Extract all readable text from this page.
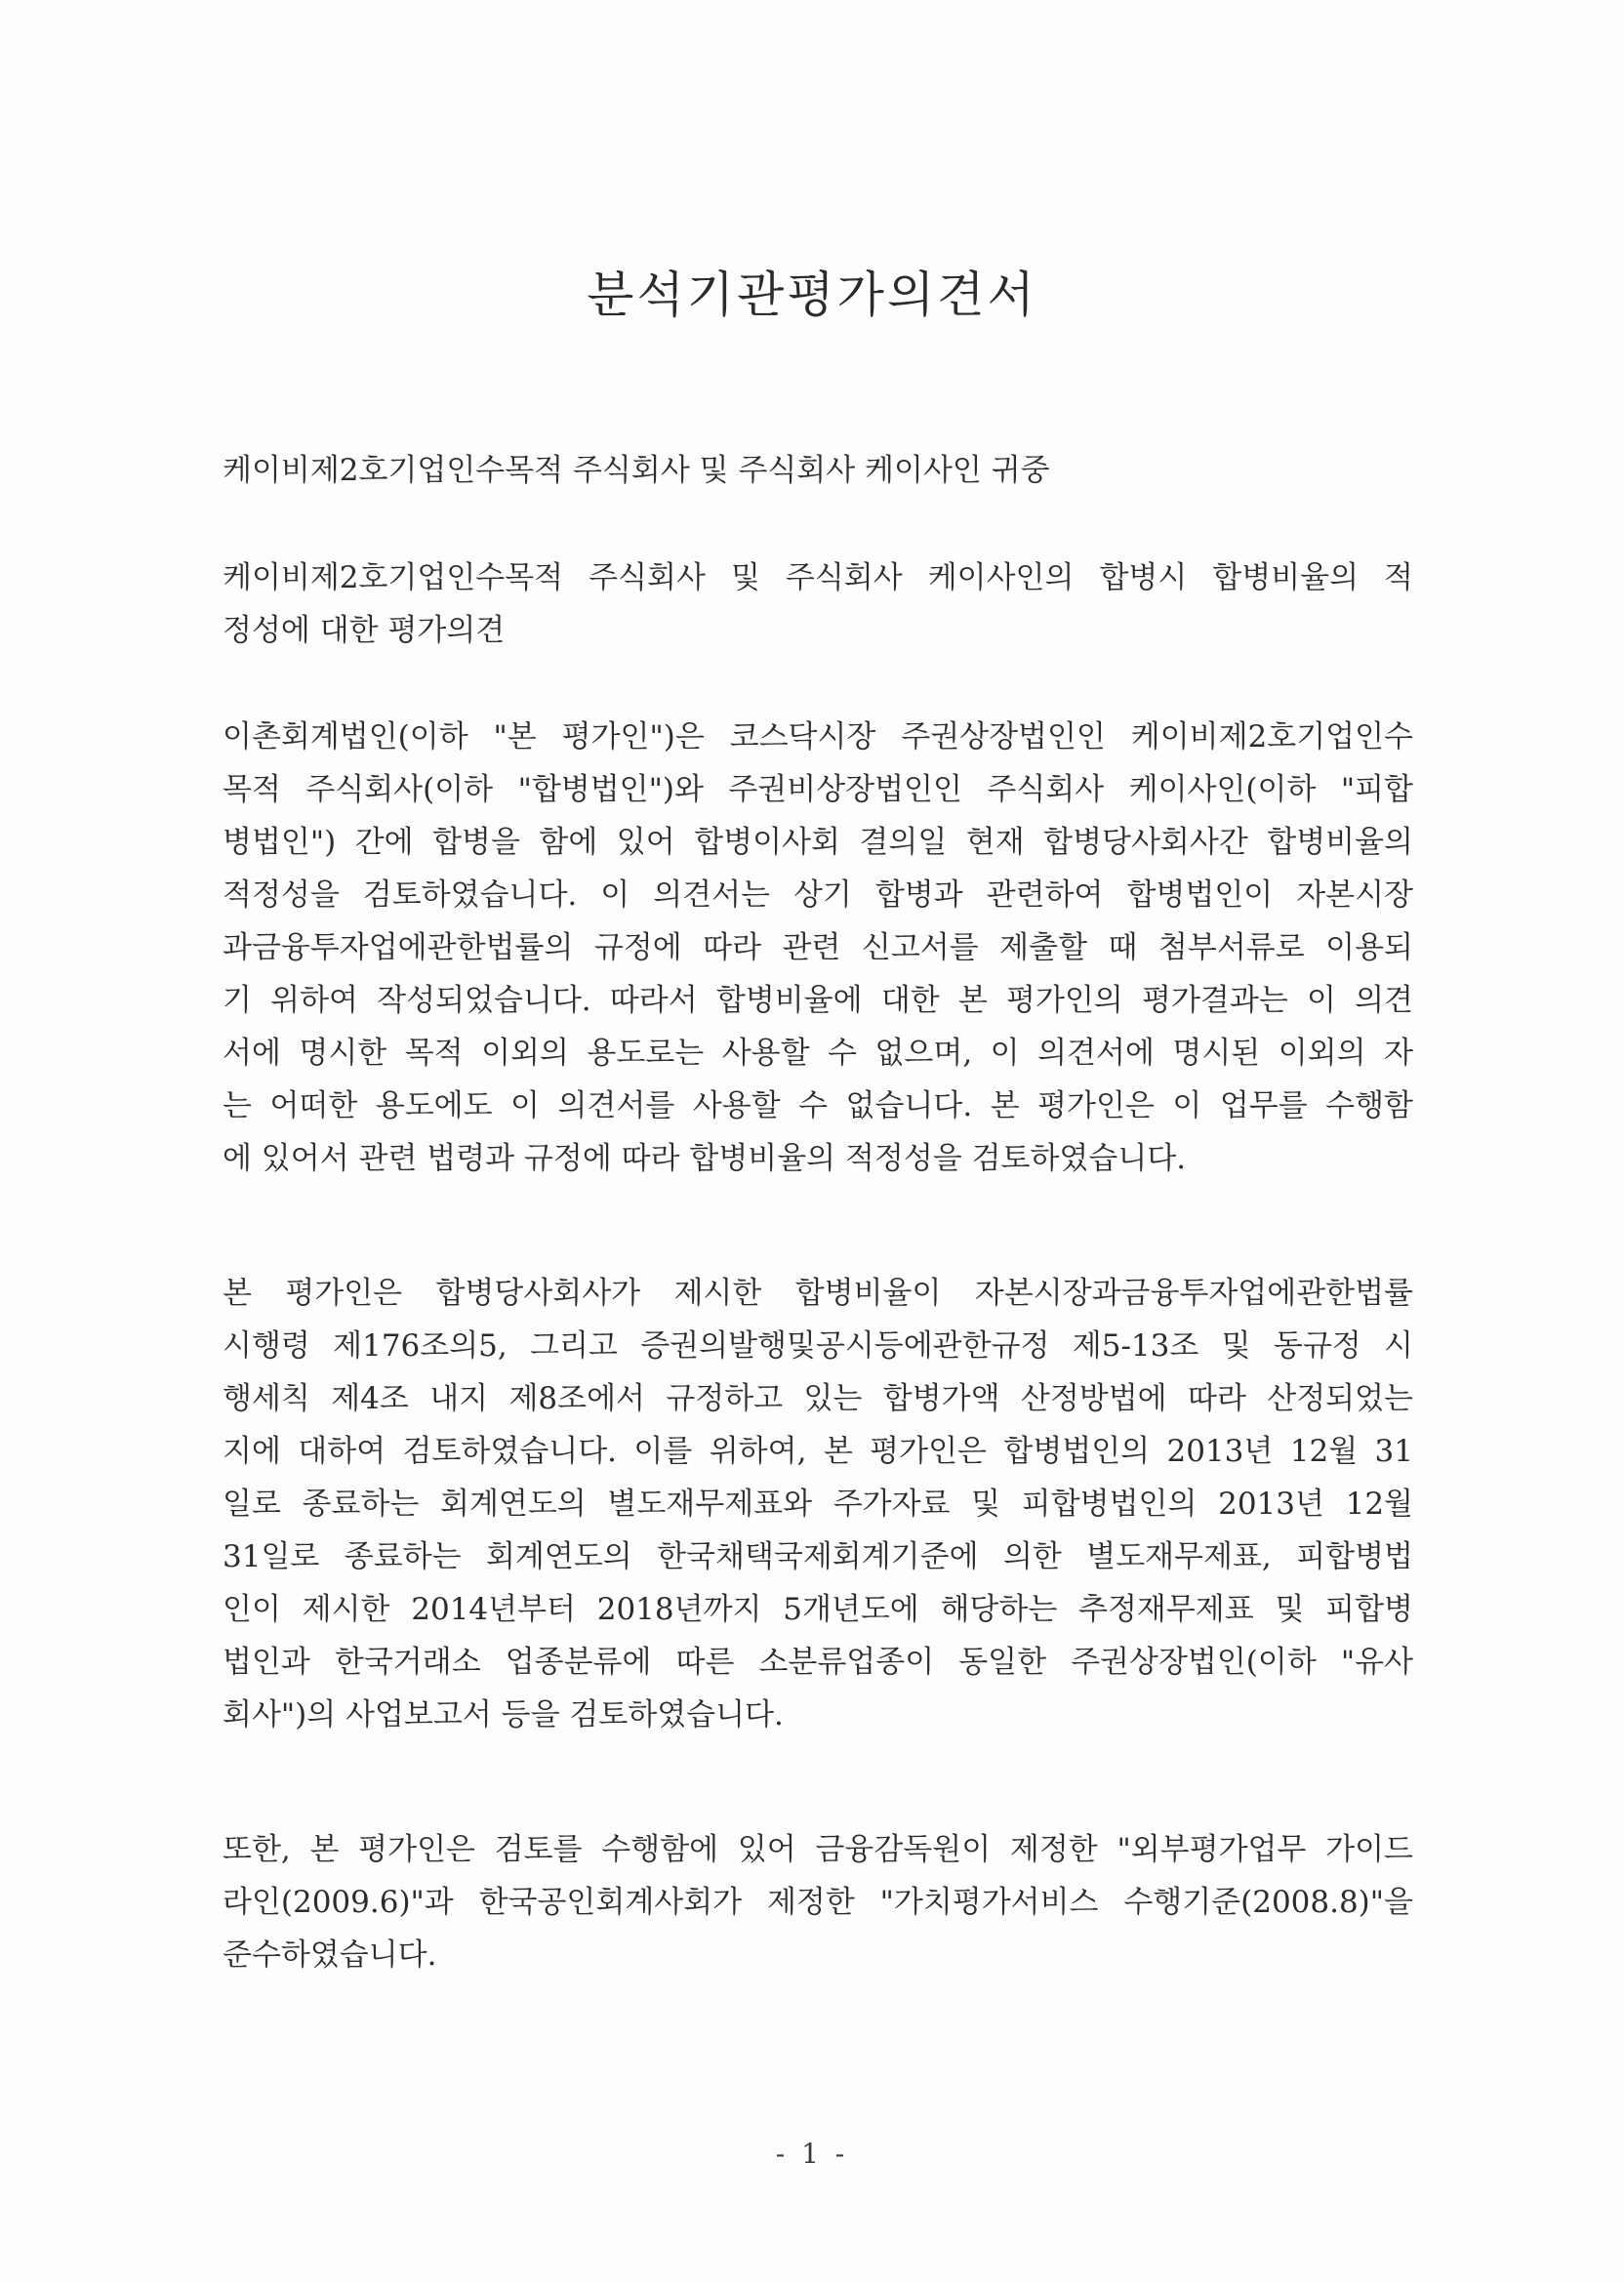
분석기관평가의견서
케이비제2호기업인수목적 주식회사 및 주식회사 케이사인 귀중
케이비제2호기업인수목적 주식회사 및 주식회사 케이사인의 합병시 합병비율의 적
정성에 대한 평가의견
이촌회계법인(이하 "본 평가인")은 코스닥시장 주권상장법인인 케이비제2호기업인수
목적 주식회사(이하 "합병법인")와 주권비상장법인인 주식회사 케이사인(이하 "피합
병법인") 간에 합병을 함에 있어 합병이사회 결의일 현재 합병당사회사간 합병비율의
적정성을 검토하였습니다. 이 의견서는 상기 합병과 관련하여 합병법인이 자본시장
과금융투자업에관한법률의 규정에 따라 관련 신고서를 제출할 때 첨부서류로 이용되
기 위하여 작성되었습니다. 따라서 합병비율에 대한 본 평가인의 평가결과는 이 의견
서에 명시한 목적 이외의 용도로는 사용할 수 없으며, 이 의견서에 명시된 이외의 자
는 어떠한 용도에도 이 의견서를 사용할 수 없습니다. 본 평가인은 이 업무를 수행함
에 있어서 관련 법령과 규정에 따라 합병비율의 적정성을 검토하였습니다.
본 평가인은 합병당사회사가 제시한 합병비율이 자본시장과금융투자업에관한법률
시행령 제176조의5, 그리고 증권의발행및공시등에관한규정 제5-13조 및 동규정 시
행세칙 제4조 내지 제8조에서 규정하고 있는 합병가액 산정방법에 따라 산정되었는
지에 대하여 검토하였습니다. 이를 위하여, 본 평가인은 합병법인의 2013년 12월 31
일로 종료하는 회계연도의 별도재무제표와 주가자료 및 피합병법인의 2013년 12월
31일로 종료하는 회계연도의 한국채택국제회계기준에 의한 별도재무제표, 피합병법
인이 제시한 2014년부터 2018년까지 5개년도에 해당하는 추정재무제표 및 피합병
법인과 한국거래소 업종분류에 따른 소분류업종이 동일한 주권상장법인(이하 "유사
회사")의 사업보고서 등을 검토하였습니다.
또한, 본 평가인은 검토를 수행함에 있어 금융감독원이 제정한 "외부평가업무 가이드
라인(2009.6)"과 한국공인회계사회가 제정한 "가치평가서비스 수행기준(2008.8)"을
준수하였습니다.
- 1 -
